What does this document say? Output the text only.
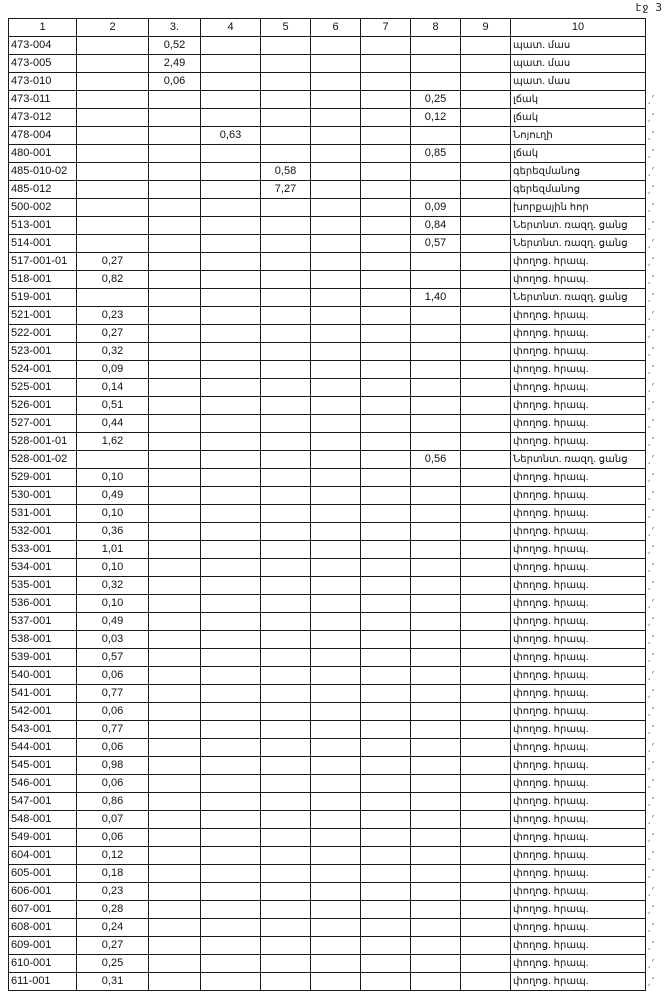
էջ 3
1	2	3.	4	5	6	7	8	9	10
473-004		0,52							պատ. մաս
473-005		2,49							պատ. մաս
473-010		0,06							պատ. մաս
473-011							0,25		լճակ
473-012							0,12		լճակ
478-004			0,63						Նոյուղի
480-001							0,85		լճակ
485-010-02				0,58					գերեզմանոց
485-012				7,27					գերեզմանոց
500-002							0,09		խորքային հոր
513-001							0,84		Ներտնտ. ռազղ. ցանց
514-001							0,57		Ներտնտ. ռազղ. ցանց
517-001-01	0,27								փողոց. հրապ.
518-001	0,82								փողոց. հրապ.
519-001							1,40		Ներտնտ. ռազղ. ցանց
521-001	0,23								փողոց. հրապ.
522-001	0,27								փողոց. հրապ.
523-001	0,32								փողոց. հրապ.
524-001	0,09								փողոց. հրապ.
525-001	0,14								փողոց. հրապ.
526-001	0,51								փողոց. հրապ.
527-001	0,44								փողոց. հրապ.
528-001-01	1,62								փողոց. հրապ.
528-001-02							0,56		Ներտնտ. ռազղ. ցանց
529-001	0,10								փողոց. հրապ.
530-001	0,49								փողոց. հրապ.
531-001	0,10								փողոց. հրապ.
532-001	0,36								փողոց. հրապ.
533-001	1,01								փողոց. հրապ.
534-001	0,10								փողոց. հրապ.
535-001	0,32								փողոց. հրապ.
536-001	0,10								փողոց. հրապ.
537-001	0,49								փողոց. հրապ.
538-001	0,03								փողոց. հրապ.
539-001	0,57								փողոց. հրապ.
540-001	0,06								փողոց. հրապ.
541-001	0,77								փողոց. հրապ.
542-001	0,06								փողոց. հրապ.
543-001	0,77								փողոց. հրապ.
544-001	0,06								փողոց. հրապ.
545-001	0,98								փողոց. հրապ.
546-001	0,06								փողոց. հրապ.
547-001	0,86								փողոց. հրապ.
548-001	0,07								փողոց. հրապ.
549-001	0,06								փողոց. հրապ.
604-001	0,12								փողոց. հրապ.
605-001	0,18								փողոց. հրապ.
606-001	0,23								փողոց. հրապ.
607-001	0,28								փողոց. հրապ.
608-001	0,24								փողոց. հրապ.
609-001	0,27								փողոց. հրապ.
610-001	0,25								փողոց. հրապ.
611-001	0,31								փողոց. հրապ.
˛’
˛’
˛’
˛’
˛’
˛’
˛’
˛’
˛’
˛’
˛’
˛’
˛’
˛’
˛’
˛’
˛’
˛’
˛’
˛’
˛’
˛’
˛’
˛’
˛’
˛’
˛’
˛’
˛’
˛’
˛’
˛’
˛’
˛’
˛’
˛’
˛’
˛’
˛’
˛’
˛’
˛’
˛’
˛’
˛’
˛’
˛’
˛’
˛’
˛’
